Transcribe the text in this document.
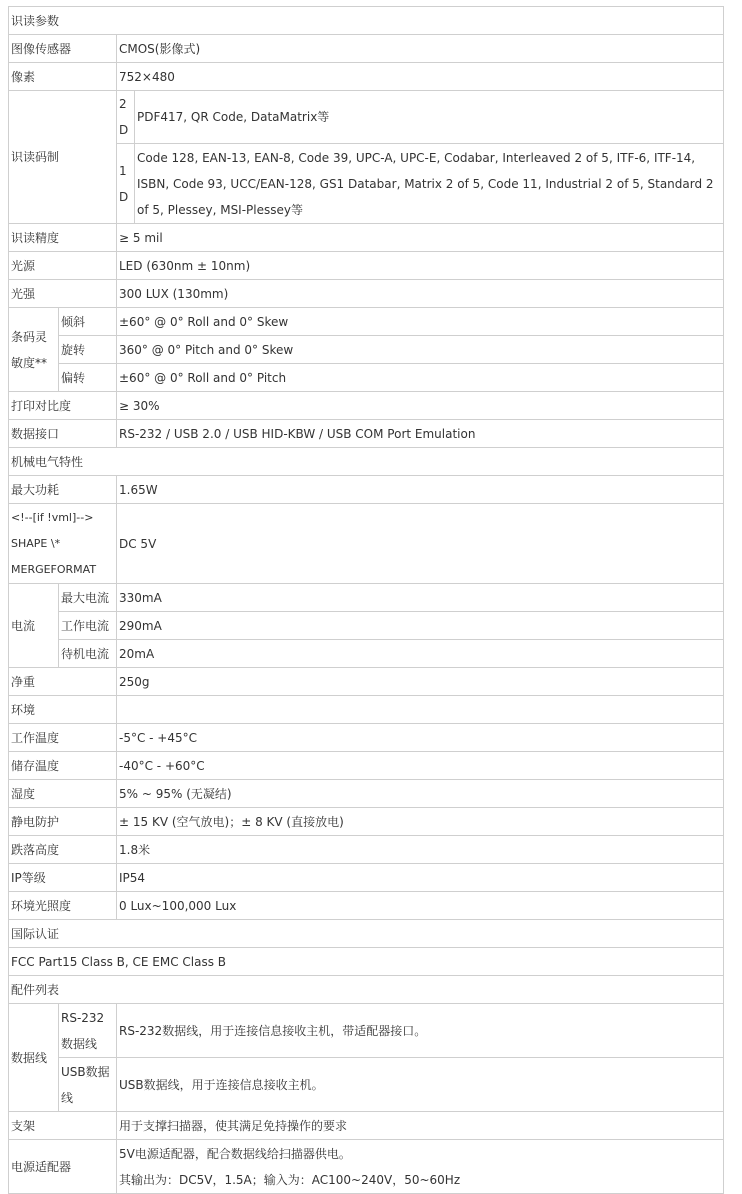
识读参数			
图像传感器		CMOS(影像式)	
像素		752×480	
识读码制		2D	PDF417, QR Code, DataMatrix等
		1D	Code 128, EAN-13, EAN-8, Code 39, UPC-A, UPC-E, Codabar, Interleaved 2 of 5, ITF-6, ITF-14, ISBN, Code 93, UCC/EAN-128, GS1 Databar, Matrix 2 of 5, Code 11, Industrial 2 of 5, Standard 2 of 5, Plessey, MSI-Plessey等
识读精度		≥ 5 mil	
光源		LED (630nm ± 10nm)	
光强		300 LUX (130mm)	
条码灵敏度**	倾斜	±60° @ 0° Roll and 0° Skew	
	旋转	360° @ 0° Pitch and 0° Skew	
	偏转	±60° @ 0° Roll and 0° Pitch	
打印对比度		≥ 30%	
数据接口		RS-232 / USB 2.0 / USB HID-KBW / USB COM Port Emulation	
机械电气特性			
最大功耗		1.65W	
<!--[if !vml]--> SHAPE \* MERGEFORMAT		DC 5V	
电流	最大电流	330mA	
	工作电流	290mA	
	待机电流	20mA	
净重		250g	
环境			
工作温度		-5°C - +45°C	
储存温度		-40°C - +60°C	
湿度		5% ~ 95% (无凝结)	
静电防护		± 15 KV (空气放电)；± 8 KV (直接放电)	
跌落高度		1.8米	
IP等级		IP54	
环境光照度		0 Lux~100,000 Lux	
国际认证			
FCC Part15 Class B, CE EMC Class B			
配件列表			
数据线	RS-232数据线	RS-232数据线，用于连接信息接收主机，带适配器接口。	
	USB数据线	USB数据线，用于连接信息接收主机。	
支架		用于支撑扫描器，使其满足免持操作的要求	
电源适配器		5V电源适配器，配合数据线给扫描器供电。
其输出为：DC5V，1.5A；输入为：AC100~240V，50~60Hz	
